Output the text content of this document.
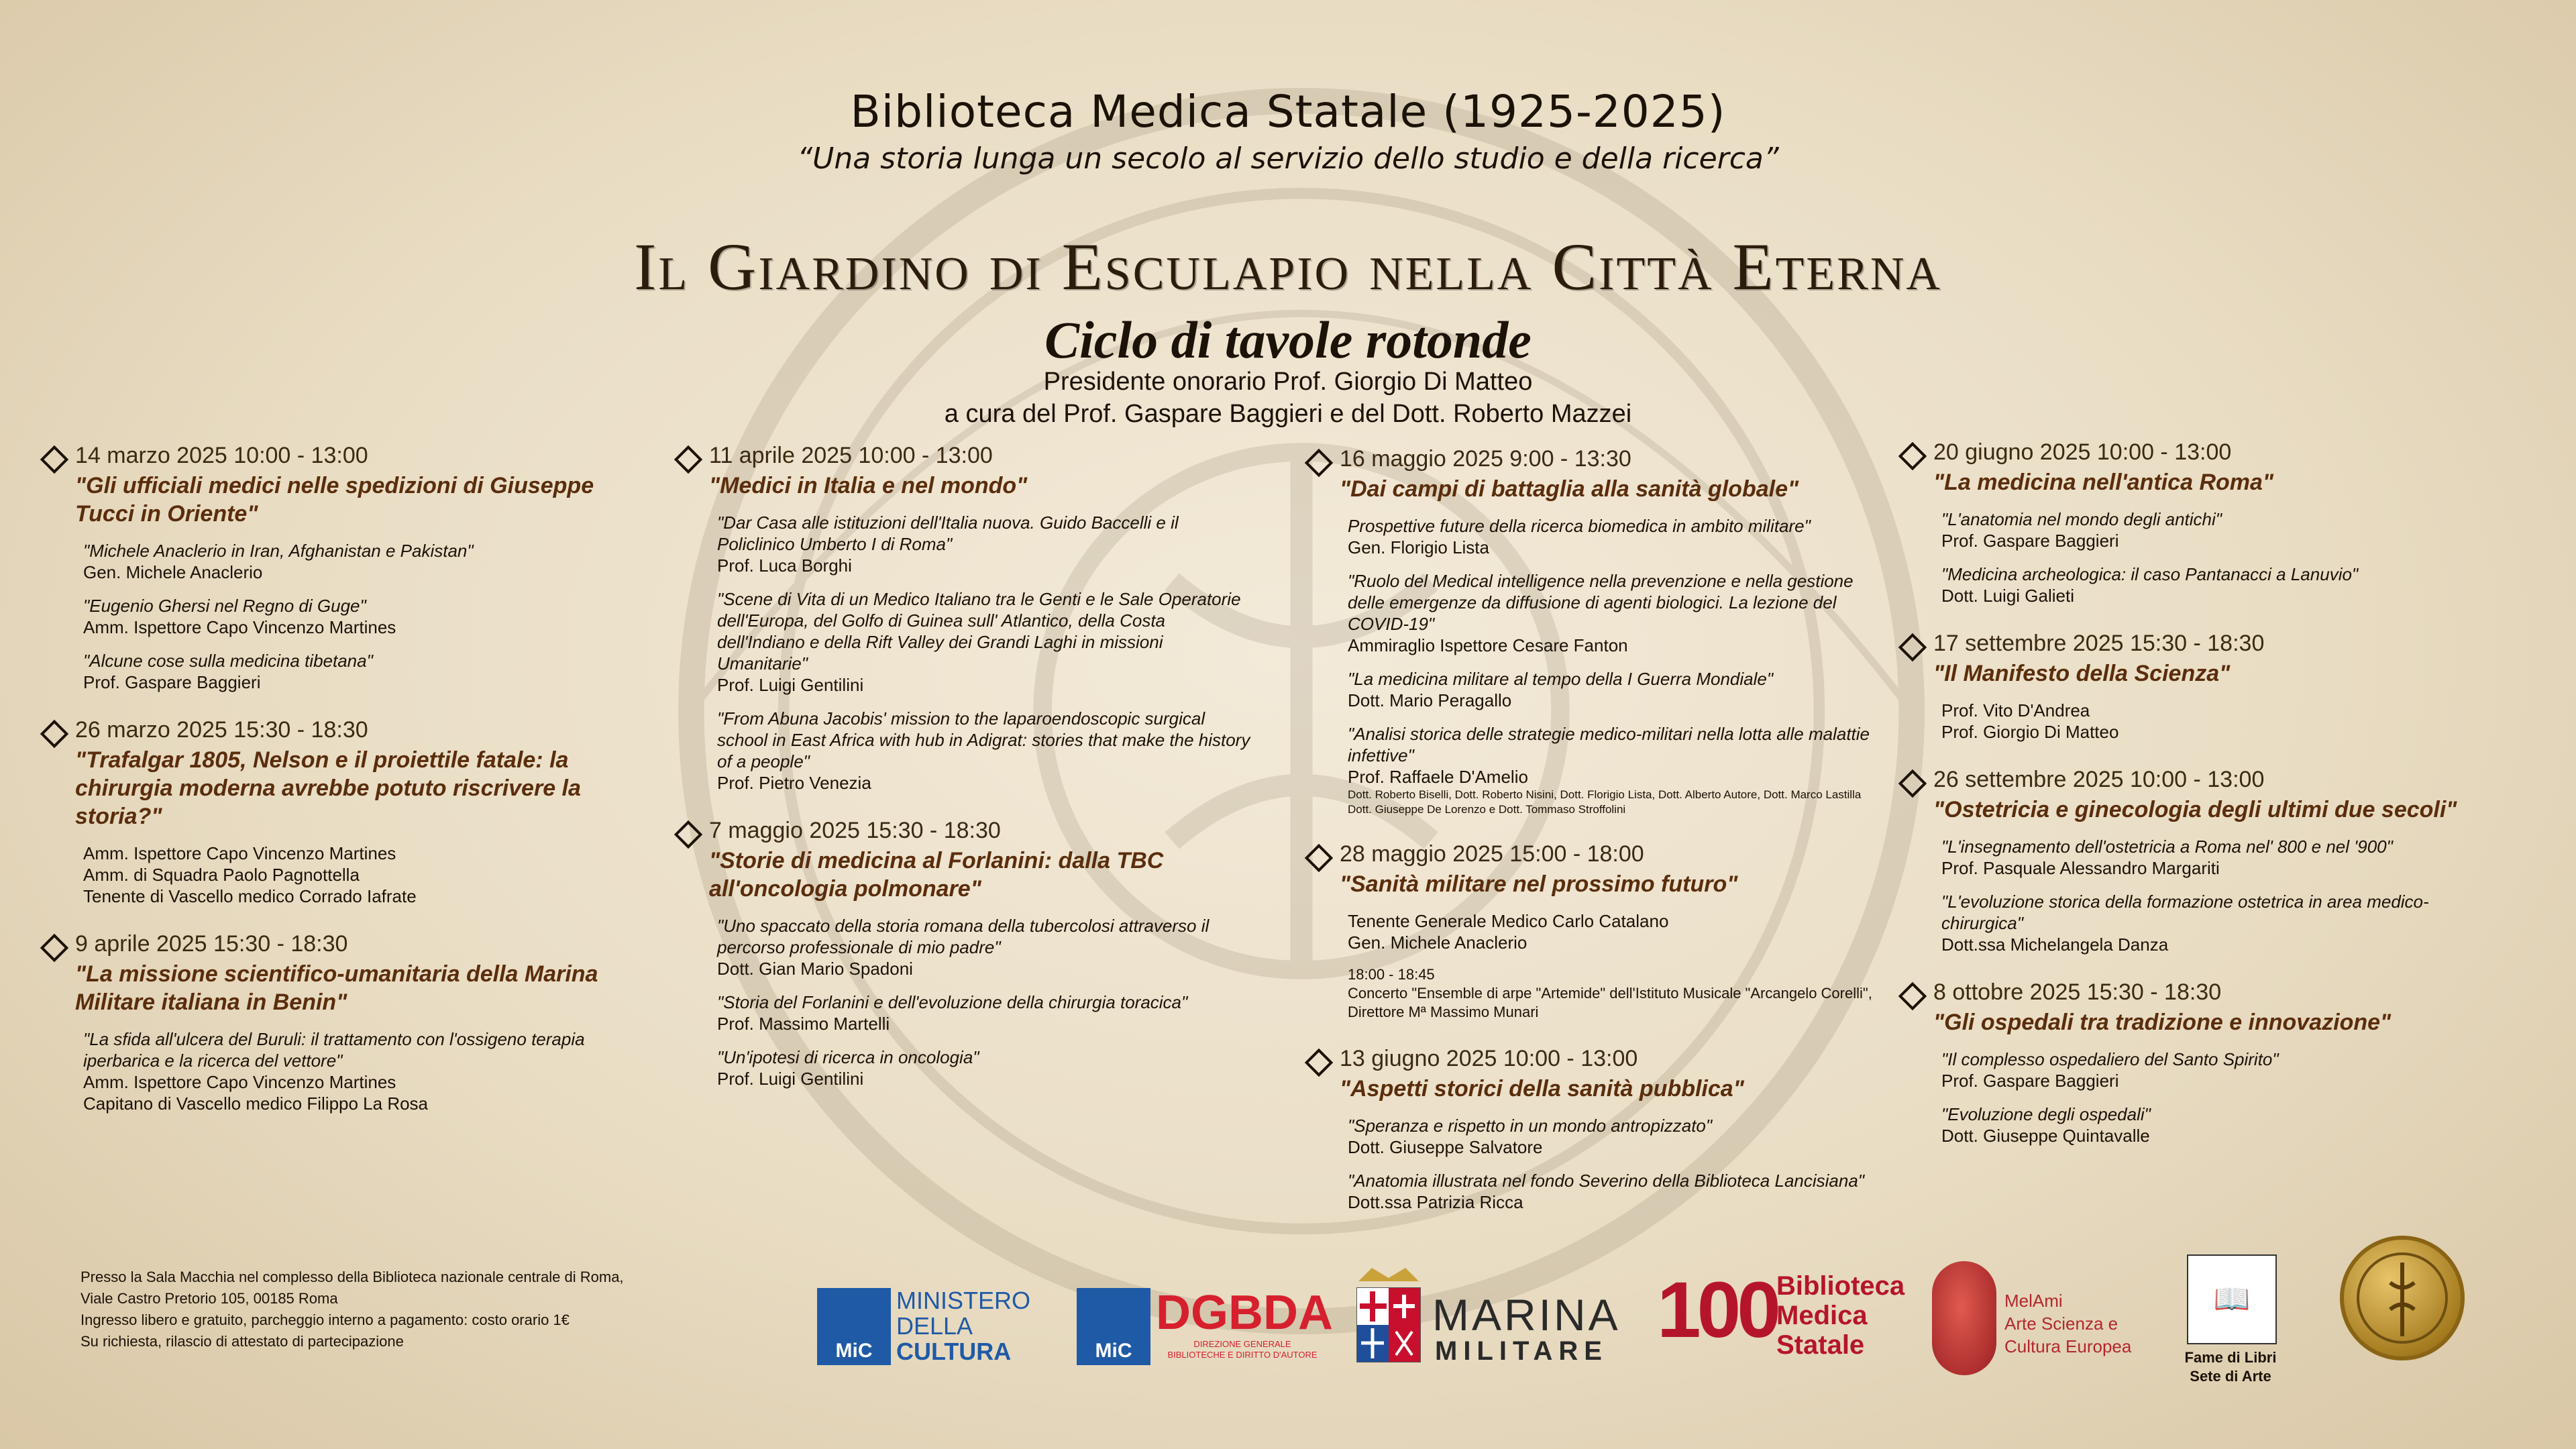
Biblioteca Medica Statale (1925-2025)
“Una storia lunga un secolo al servizio dello studio e della ricerca”
Il Giardino di Esculapio nella Città Eterna
Ciclo di tavole rotonde
Presidente onorario Prof. Giorgio Di Matteo
a cura del Prof. Gaspare Baggieri e del Dott. Roberto Mazzei
14 marzo 2025 10:00 - 13:00
"Gli ufficiali medici nelle spedizioni di Giuseppe Tucci in Oriente"
"Michele Anaclerio in Iran, Afghanistan e Pakistan"
Gen. Michele Anaclerio
"Eugenio Ghersi nel Regno di Guge"
Amm. Ispettore Capo Vincenzo Martines
"Alcune cose sulla medicina tibetana"
Prof. Gaspare Baggieri
26 marzo 2025 15:30 - 18:30
"Trafalgar 1805, Nelson e il proiettile fatale: la chirurgia moderna avrebbe potuto riscrivere la storia?"
Amm. Ispettore Capo Vincenzo Martines
Amm. di Squadra Paolo Pagnottella
Tenente di Vascello medico Corrado Iafrate
9 aprile 2025 15:30 - 18:30
"La missione scientifico-umanitaria della Marina Militare italiana in Benin"
"La sfida all'ulcera del Buruli: il trattamento con l'ossigeno terapia iperbarica e la ricerca del vettore"
Amm. Ispettore Capo Vincenzo Martines
Capitano di Vascello medico Filippo La Rosa
11 aprile 2025 10:00 - 13:00
"Medici in Italia e nel mondo"
"Dar Casa alle istituzioni dell'Italia nuova. Guido Baccelli e il Policlinico Umberto I di Roma"
Prof. Luca Borghi
"Scene di Vita di un Medico Italiano tra le Genti e le Sale Operatorie dell'Europa, del Golfo di Guinea sull' Atlantico, della Costa dell'Indiano e della Rift Valley dei Grandi Laghi in missioni Umanitarie"
Prof. Luigi Gentilini
"From Abuna Jacobis' mission to the laparoendoscopic surgical school in East Africa with hub in Adigrat: stories that make the history of a people"
Prof. Pietro Venezia
7 maggio 2025 15:30 - 18:30
"Storie di medicina al Forlanini: dalla TBC all'oncologia polmonare"
"Uno spaccato della storia romana della tubercolosi attraverso il percorso professionale di mio padre"
Dott. Gian Mario Spadoni
"Storia del Forlanini e dell'evoluzione della chirurgia toracica"
Prof. Massimo Martelli
"Un'ipotesi di ricerca in oncologia"
Prof. Luigi Gentilini
16 maggio 2025 9:00 - 13:30
"Dai campi di battaglia alla sanità globale"
Prospettive future della ricerca biomedica in ambito militare"
Gen. Florigio Lista
"Ruolo del Medical intelligence nella prevenzione e nella gestione delle emergenze da diffusione di agenti biologici. La lezione del COVID-19"
Ammiraglio Ispettore Cesare Fanton
"La medicina militare al tempo della I Guerra Mondiale"
Dott. Mario Peragallo
"Analisi storica delle strategie medico-militari nella lotta alle malattie infettive"
Prof. Raffaele D'Amelio
Dott. Roberto Biselli, Dott. Roberto Nisini, Dott. Florigio Lista, Dott. Alberto Autore, Dott. Marco Lastilla Dott. Giuseppe De Lorenzo e Dott. Tommaso Stroffolini
28 maggio 2025 15:00 - 18:00
"Sanità militare nel prossimo futuro"
Tenente Generale Medico Carlo Catalano
Gen. Michele Anaclerio
18:00 - 18:45
Concerto "Ensemble di arpe "Artemide" dell'Istituto Musicale "Arcangelo Corelli", Direttore Mª Massimo Munari
13 giugno 2025 10:00 - 13:00
"Aspetti storici della sanità pubblica"
"Speranza e rispetto in un mondo antropizzato"
Dott. Giuseppe Salvatore
"Anatomia illustrata nel fondo Severino della Biblioteca Lancisiana"
Dott.ssa Patrizia Ricca
20 giugno 2025 10:00 - 13:00
"La medicina nell'antica Roma"
"L'anatomia nel mondo degli antichi"
Prof. Gaspare Baggieri
"Medicina archeologica: il caso Pantanacci a Lanuvio"
Dott. Luigi Galieti
17 settembre 2025 15:30 - 18:30
"Il Manifesto della Scienza"
Prof. Vito D'Andrea
Prof. Giorgio Di Matteo
26 settembre 2025 10:00 - 13:00
"Ostetricia e ginecologia degli ultimi due secoli"
"L'insegnamento dell'ostetricia a Roma nel' 800 e nel '900"
Prof. Pasquale Alessandro Margariti
"L'evoluzione storica della formazione ostetrica in area medico-chirurgica"
Dott.ssa Michelangela Danza
8 ottobre 2025 15:30 - 18:30
"Gli ospedali tra tradizione e innovazione"
"Il complesso ospedaliero del Santo Spirito"
Prof. Gaspare Baggieri
"Evoluzione degli ospedali"
Dott. Giuseppe Quintavalle
Presso la Sala Macchia nel complesso della Biblioteca nazionale centrale di Roma,
Viale Castro Pretorio 105, 00185 Roma
Ingresso libero e gratuito, parcheggio interno a pagamento: costo orario 1€
Su richiesta, rilascio di attestato di partecipazione	MiC
MINISTERO
DELLA
CULTURA	MiC
DGBDA
DIREZIONE GENERALE
BIBLIOTECHE E DIRITTO D'AUTORE
MARINA
MILITARE 100 Biblioteca
Medica
Statale
MelAmi
Arte Scienza e
Cultura Europea
📖
Fame di Libri
Sete di Arte
